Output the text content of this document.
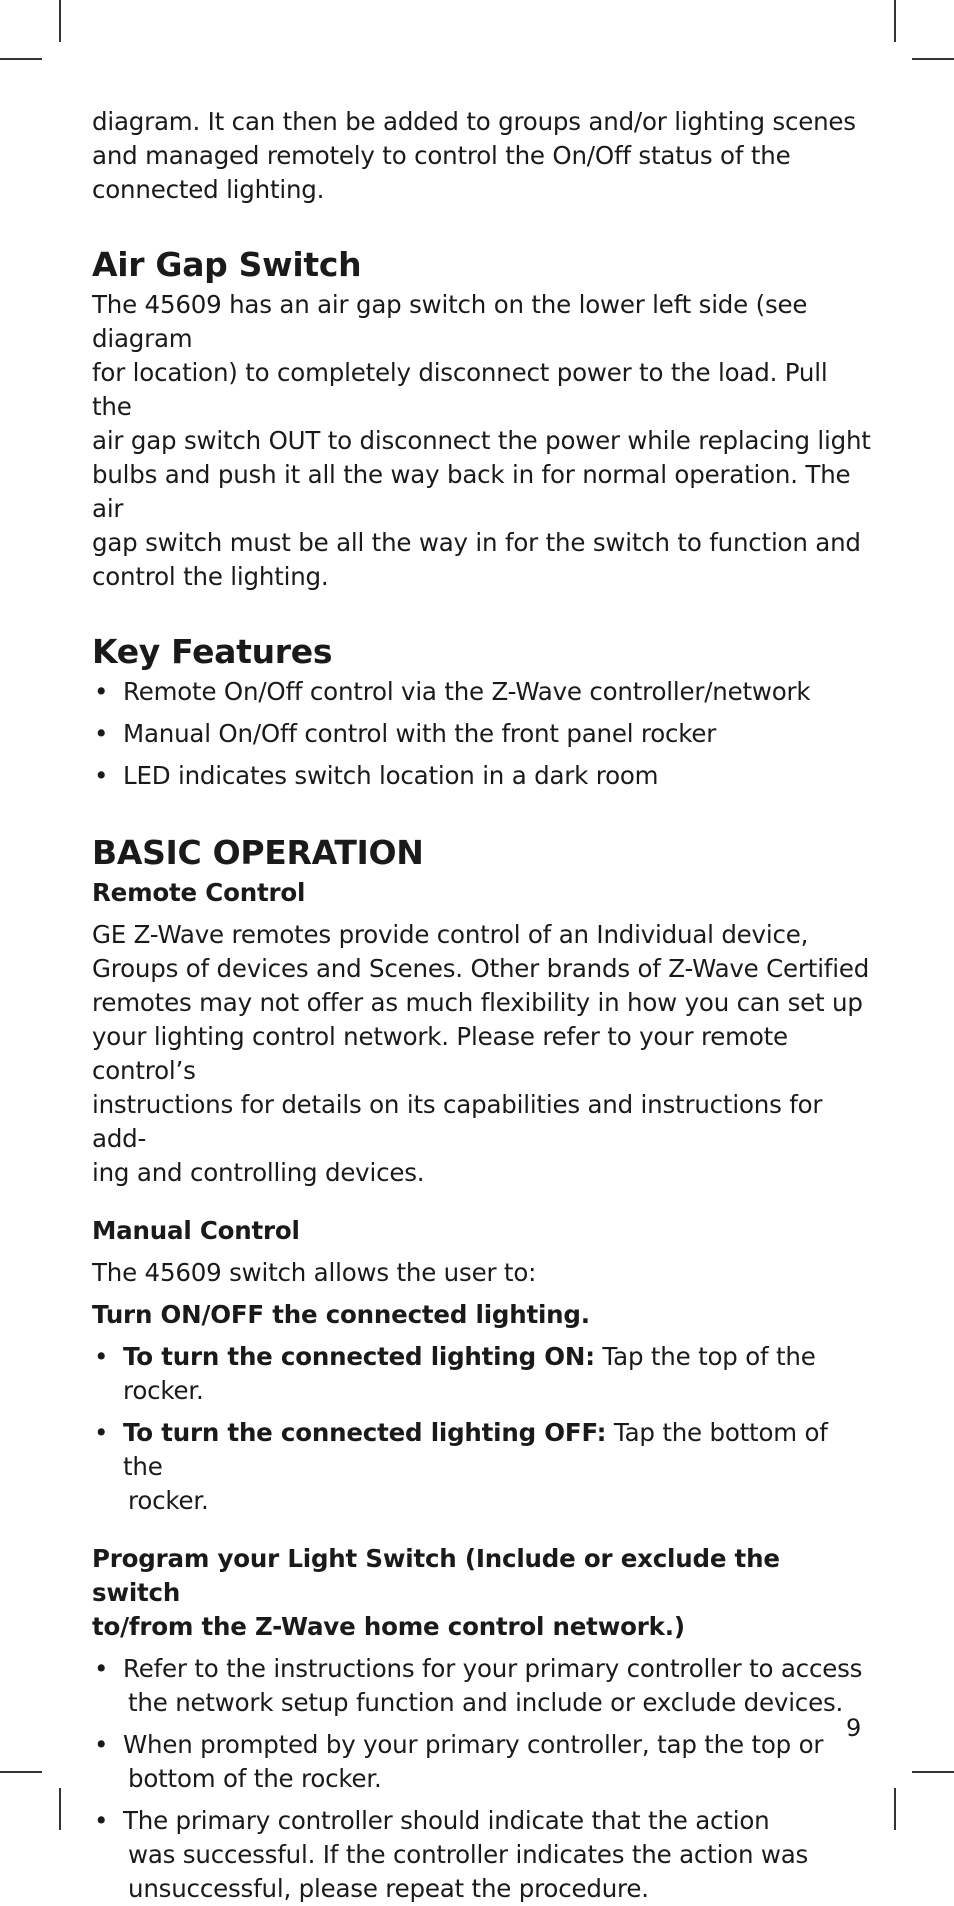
diagram. It can then be added to groups and/or lighting scenes
and managed remotely to control the On/Off status of the
connected lighting.

Air Gap Switch

The 45609 has an air gap switch on the lower left side (see diagram
for location) to completely disconnect power to the load. Pull the
air gap switch OUT to disconnect the power while replacing light
bulbs and push it all the way back in for normal operation. The air
gap switch must be all the way in for the switch to function and
control the lighting.

Key Features
• Remote On/Off control via the Z-Wave controller/network
• Manual On/Off control with the front panel rocker
• LED indicates switch location in a dark room
BASIC OPERATION
Remote Control

GE Z-Wave remotes provide control of an Individual device,
Groups of devices and Scenes. Other brands of Z-Wave Certified
remotes may not offer as much flexibility in how you can set up
your lighting control network. Please refer to your remote control’s
instructions for details on its capabilities and instructions for add-
ing and controlling devices.

Manual Control

The 45609 switch allows the user to:

Turn ON/OFF the connected lighting.
• To turn the connected lighting ON: Tap the top of the rocker.
• To turn the connected lighting OFF: Tap the bottom of the
rocker.
Program your Light Switch (Include or exclude the switch
to/from the Z-Wave home control network.)
• Refer to the instructions for your primary controller to access
the network setup function and include or exclude devices.
• When prompted by your primary controller, tap the top or
bottom of the rocker.
• The primary controller should indicate that the action
was successful. If the controller indicates the action was
unsuccessful, please repeat the procedure.
9
